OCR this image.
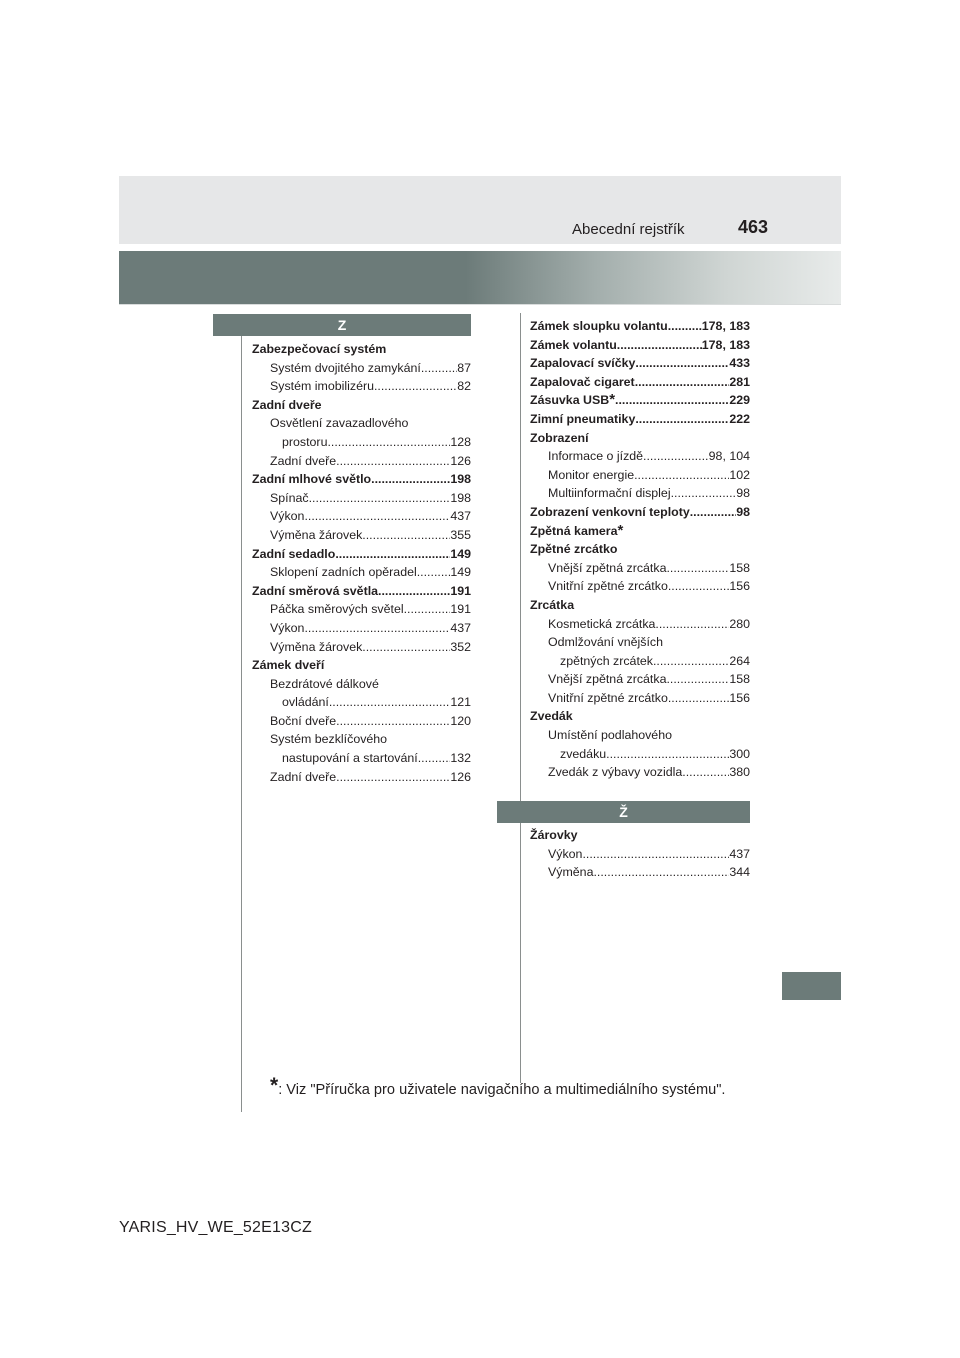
Abecední rejstřík	463
Z
Zabezpečovací systém
Systém dvojitého zamykání .....	87
Systém imobilizéru .....	82
Zadní dveře
Osvětlení zavazadlového
prostoru .....	128
Zadní dveře .....	126
Zadní mlhové světlo .....	198
Spínač .....	198
Výkon .....	437
Výměna žárovek .....	355
Zadní sedadlo .....	149
Sklopení zadních opěradel .....	149
Zadní směrová světla .....	191
Páčka směrových světel .....	191
Výkon .....	437
Výměna žárovek .....	352
Zámek dveří
Bezdrátové dálkové
ovládání .....	121
Boční dveře .....	120
Systém bezklíčového
nastupování a startování .....	132
Zadní dveře .....	126
Zámek sloupku volantu .....	178, 183
Zámek volantu .....	178, 183
Zapalovací svíčky .....	433
Zapalovač cigaret .....	281
Zásuvka USB * .....	229
Zimní pneumatiky .....	222
Zobrazení
Informace o jízdě .....	98, 104
Monitor energie .....	102
Multiinformační displej .....	98
Zobrazení venkovní teploty .....	98
Zpětná kamera *
Zpětné zrcátko
Vnější zpětná zrcátka .....	158
Vnitřní zpětné zrcátko .....	156
Zrcátka
Kosmetická zrcátka .....	280
Odmlžování vnějších
zpětných zrcátek .....	264
Vnější zpětná zrcátka .....	158
Vnitřní zpětné zrcátko .....	156
Zvedák
Umístění podlahového
zvedáku .....	300
Zvedák z výbavy vozidla .....	380
Ž
Žárovky
Výkon .....	437
Výměna .....	344
*: Viz "Příručka pro uživatele navigačního a multimediálního systému".
YARIS_HV_WE_52E13CZ
